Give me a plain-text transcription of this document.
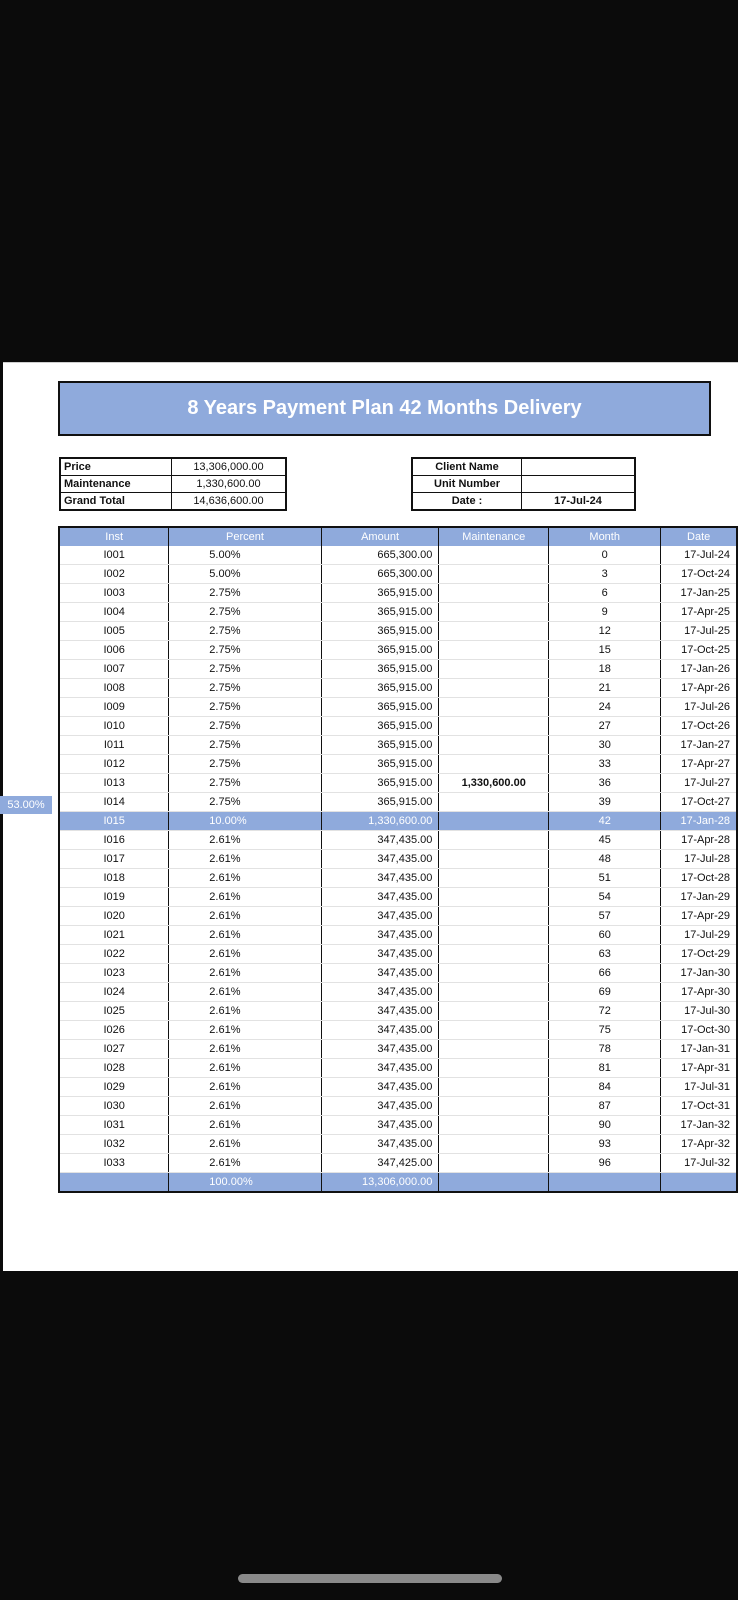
8 Years Payment Plan 42 Months Delivery
Price	13,306,000.00
Maintenance	1,330,600.00
Grand Total	14,636,600.00
Client Name	
Unit Number	
Date :	17-Jul-24
53.00%
Inst	Percent	Amount	Maintenance	Month	Date
I001	5.00%	665,300.00		0	17-Jul-24
I002	5.00%	665,300.00		3	17-Oct-24
I003	2.75%	365,915.00		6	17-Jan-25
I004	2.75%	365,915.00		9	17-Apr-25
I005	2.75%	365,915.00		12	17-Jul-25
I006	2.75%	365,915.00		15	17-Oct-25
I007	2.75%	365,915.00		18	17-Jan-26
I008	2.75%	365,915.00		21	17-Apr-26
I009	2.75%	365,915.00		24	17-Jul-26
I010	2.75%	365,915.00		27	17-Oct-26
I011	2.75%	365,915.00		30	17-Jan-27
I012	2.75%	365,915.00		33	17-Apr-27
I013	2.75%	365,915.00	1,330,600.00	36	17-Jul-27
I014	2.75%	365,915.00		39	17-Oct-27
I015	10.00%	1,330,600.00		42	17-Jan-28
I016	2.61%	347,435.00		45	17-Apr-28
I017	2.61%	347,435.00		48	17-Jul-28
I018	2.61%	347,435.00		51	17-Oct-28
I019	2.61%	347,435.00		54	17-Jan-29
I020	2.61%	347,435.00		57	17-Apr-29
I021	2.61%	347,435.00		60	17-Jul-29
I022	2.61%	347,435.00		63	17-Oct-29
I023	2.61%	347,435.00		66	17-Jan-30
I024	2.61%	347,435.00		69	17-Apr-30
I025	2.61%	347,435.00		72	17-Jul-30
I026	2.61%	347,435.00		75	17-Oct-30
I027	2.61%	347,435.00		78	17-Jan-31
I028	2.61%	347,435.00		81	17-Apr-31
I029	2.61%	347,435.00		84	17-Jul-31
I030	2.61%	347,435.00		87	17-Oct-31
I031	2.61%	347,435.00		90	17-Jan-32
I032	2.61%	347,435.00		93	17-Apr-32
I033	2.61%	347,425.00		96	17-Jul-32
	100.00%	13,306,000.00			
